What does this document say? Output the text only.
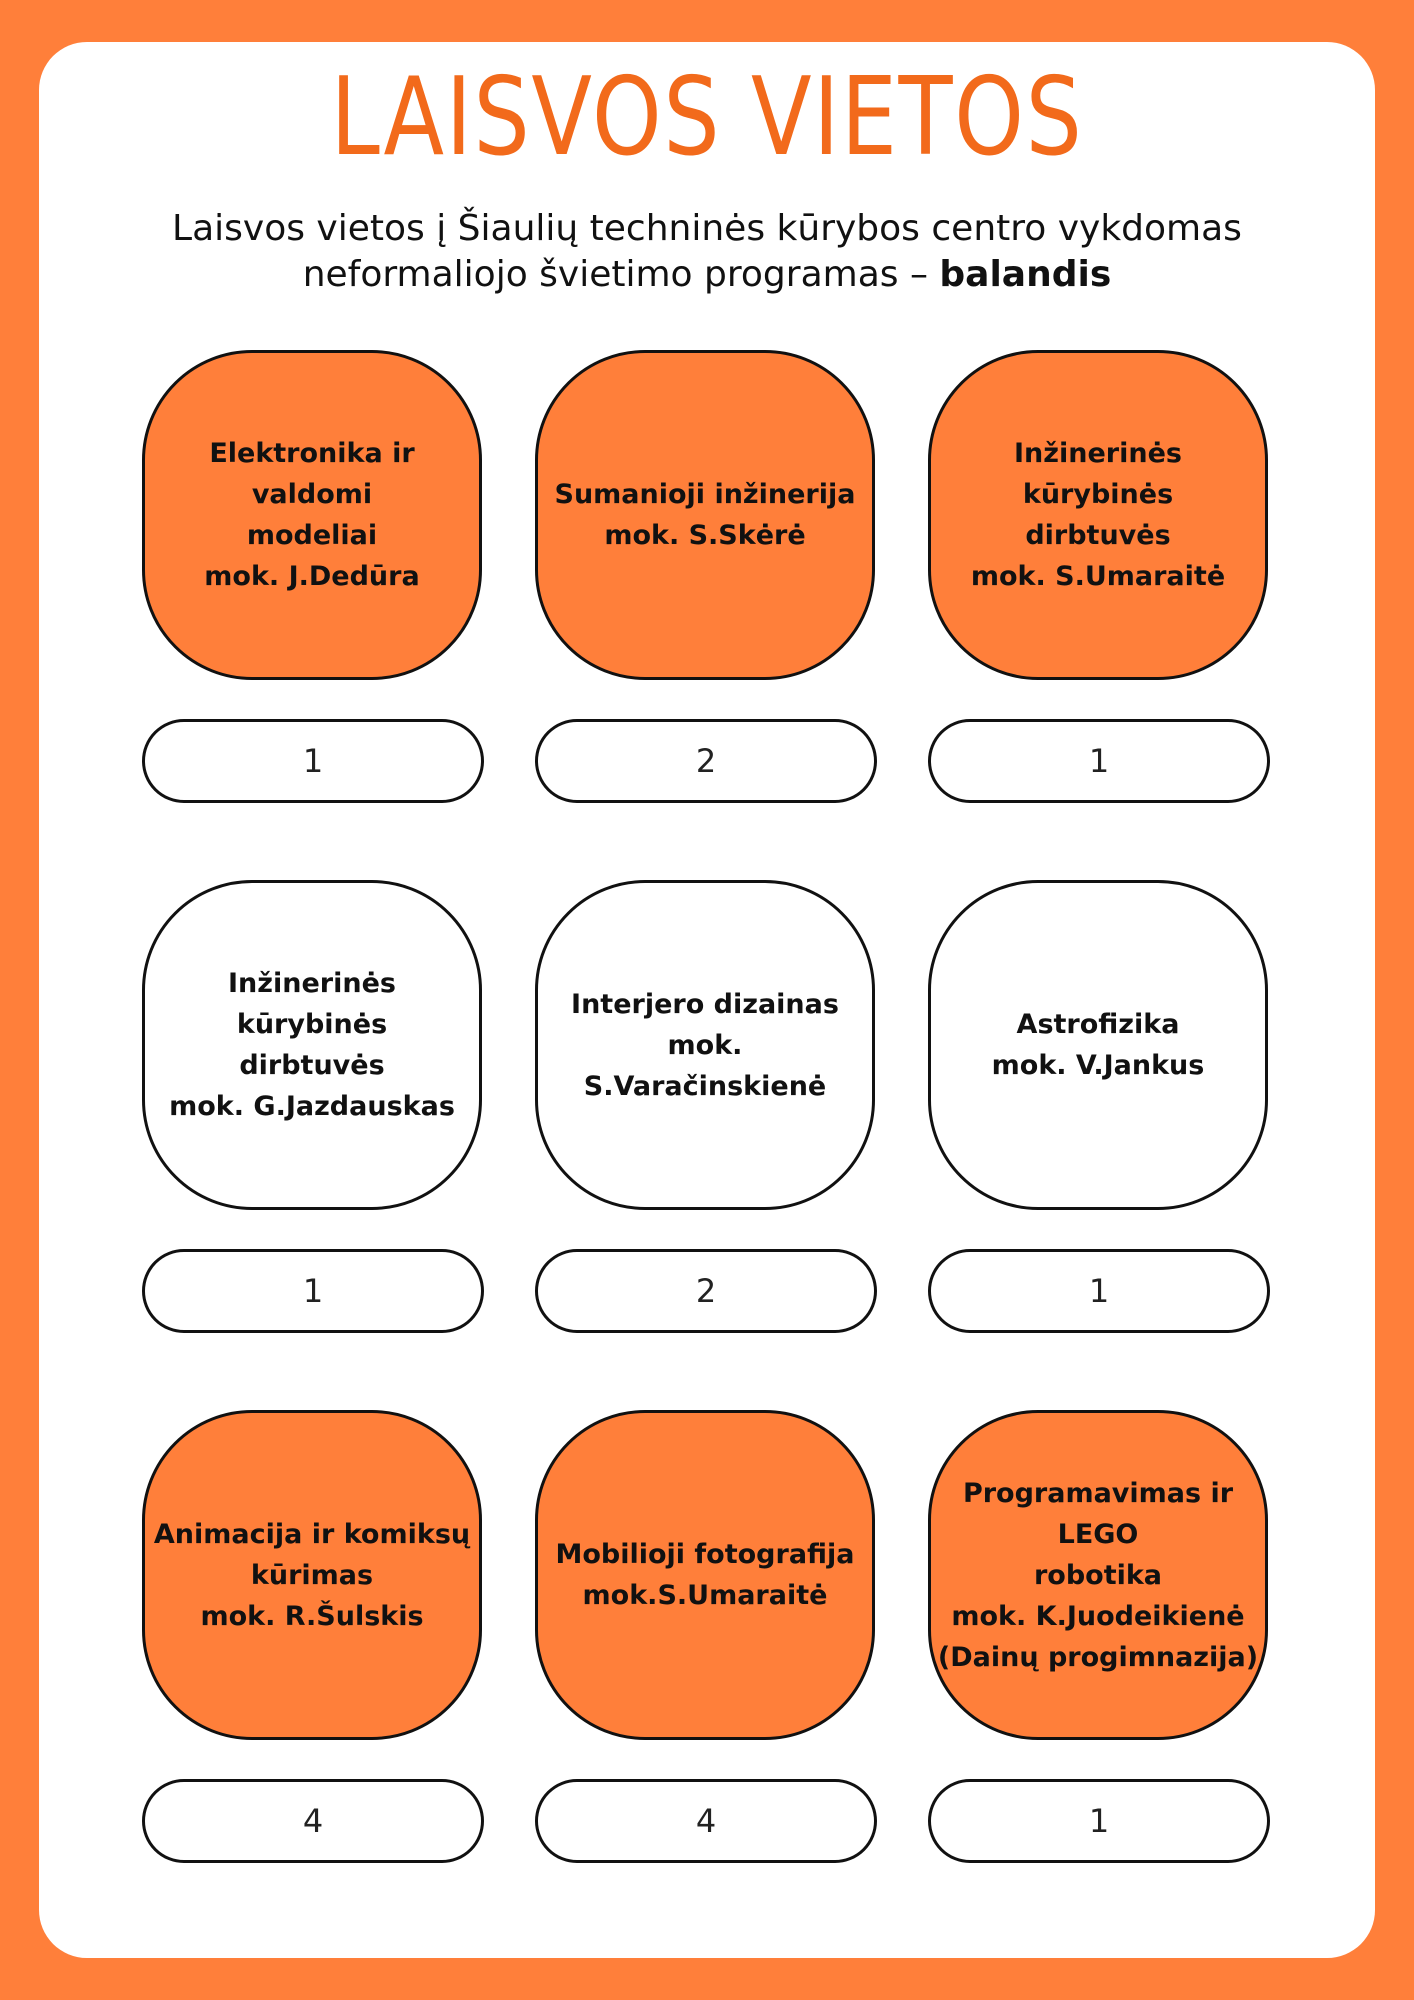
LAISVOS VIETOS
Laisvos vietos į Šiaulių techninės kūrybos centro vykdomas
neformaliojo švietimo programas – balandis
Elektronika ir valdomi
modeliai
mok. J.Dedūra
Sumanioji inžinerija
mok. S.Skėrė
Inžinerinės kūrybinės
dirbtuvės
mok. S.Umaraitė
1	2	1
Inžinerinės kūrybinės
dirbtuvės
mok. G.Jazdauskas
Interjero dizainas
mok. S.Varačinskienė
Astrofizika
mok. V.Jankus
1	2	1
Animacija ir komiksų
kūrimas
mok. R.Šulskis
Mobilioji fotografija
mok.S.Umaraitė
Programavimas ir LEGO
robotika
mok. K.Juodeikienė
(Dainų progimnazija)
4	4	1
